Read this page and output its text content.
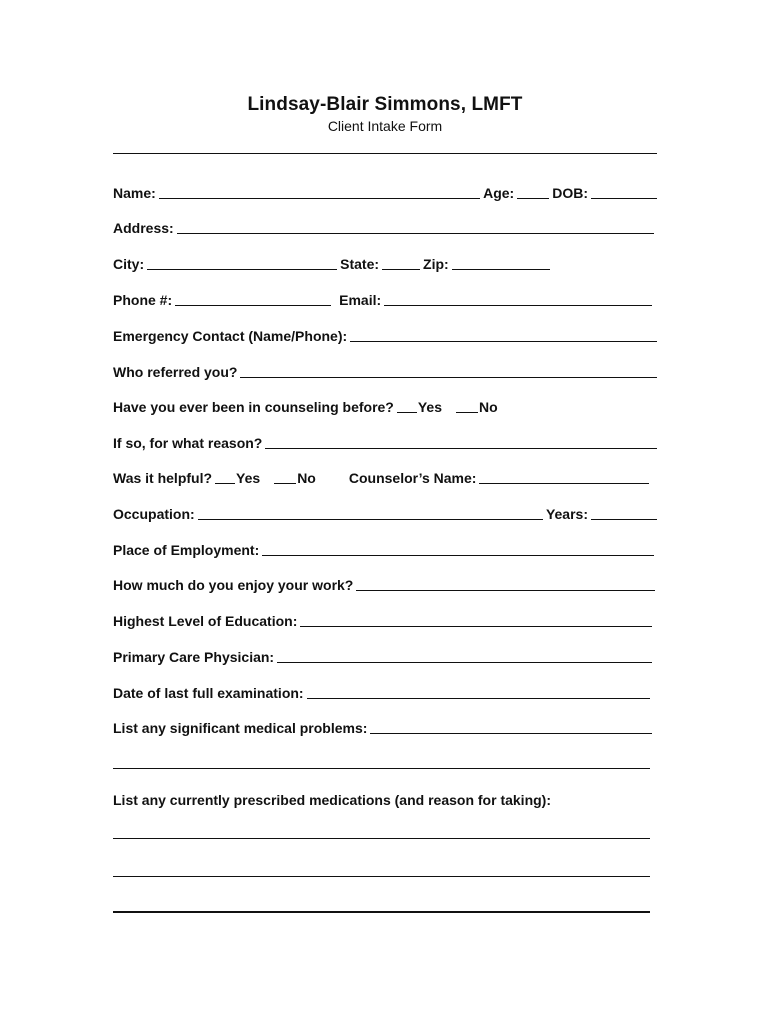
Lindsay-Blair Simmons, LMFT
Client Intake Form
Name:	Age:	DOB:
Address:
City:	State:	Zip:
Phone #:	Email:
Emergency Contact (Name/Phone):
Who referred you?
Have you ever been in counseling before? Yes	No
If so, for what reason?
Was it helpful? Yes	No Counselor’s Name:
Occupation:	Years:
Place of Employment:
How much do you enjoy your work?
Highest Level of Education:
Primary Care Physician:
Date of last full examination:
List any significant medical problems:
List any currently prescribed medications (and reason for taking):
